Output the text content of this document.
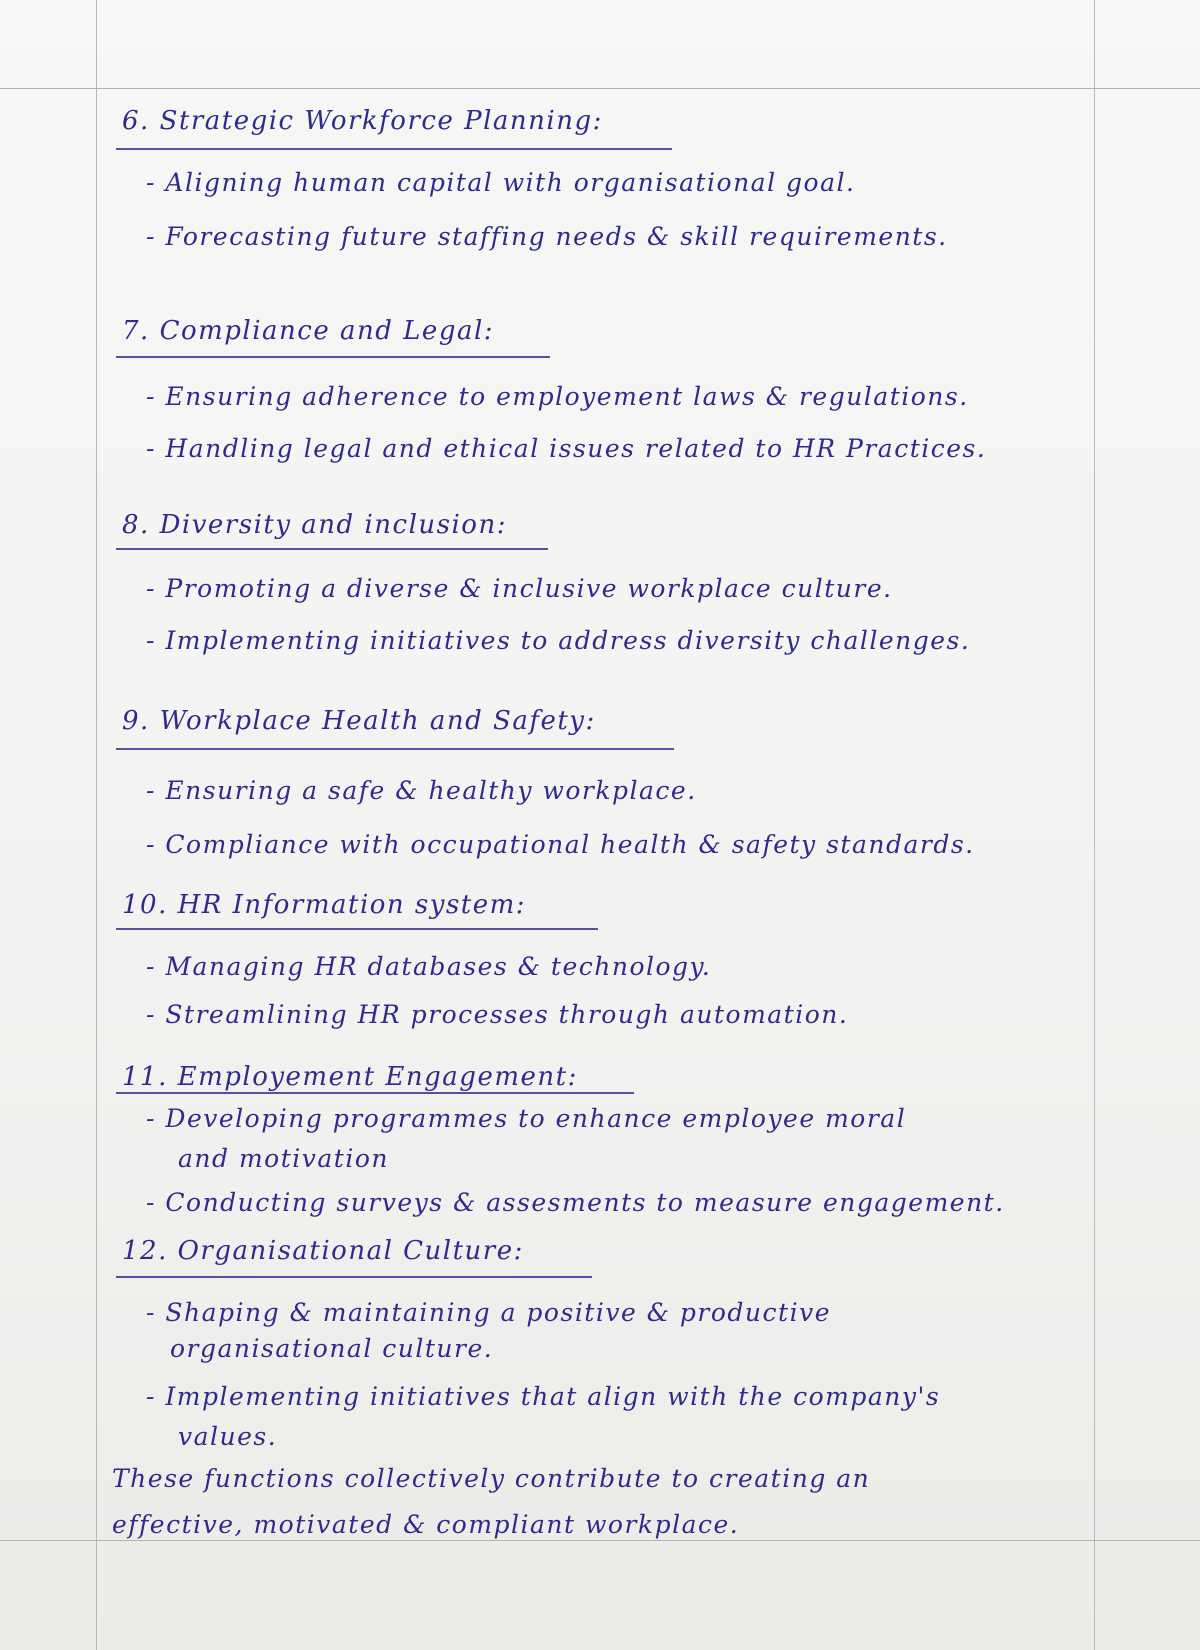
6. Strategic Workforce Planning:
- Aligning human capital with organisational goal.
- Forecasting future staffing needs & skill requirements.
7. Compliance and Legal:
- Ensuring adherence to employement laws & regulations.
- Handling legal and ethical issues related to HR Practices.
8. Diversity and inclusion:
- Promoting a diverse & inclusive workplace culture.
- Implementing initiatives to address diversity challenges.
9. Workplace Health and Safety:
- Ensuring a safe & healthy workplace.
- Compliance with occupational health & safety standards.
10. HR Information system:
- Managing HR databases & technology.
- Streamlining HR processes through automation.
11. Employement Engagement:
- Developing programmes to enhance employee moral
and motivation
- Conducting surveys & assesments to measure engagement.
12. Organisational Culture:
- Shaping & maintaining a positive & productive
organisational culture.
- Implementing initiatives that align with the company's
values.
These functions collectively contribute to creating an
effective, motivated & compliant workplace.
